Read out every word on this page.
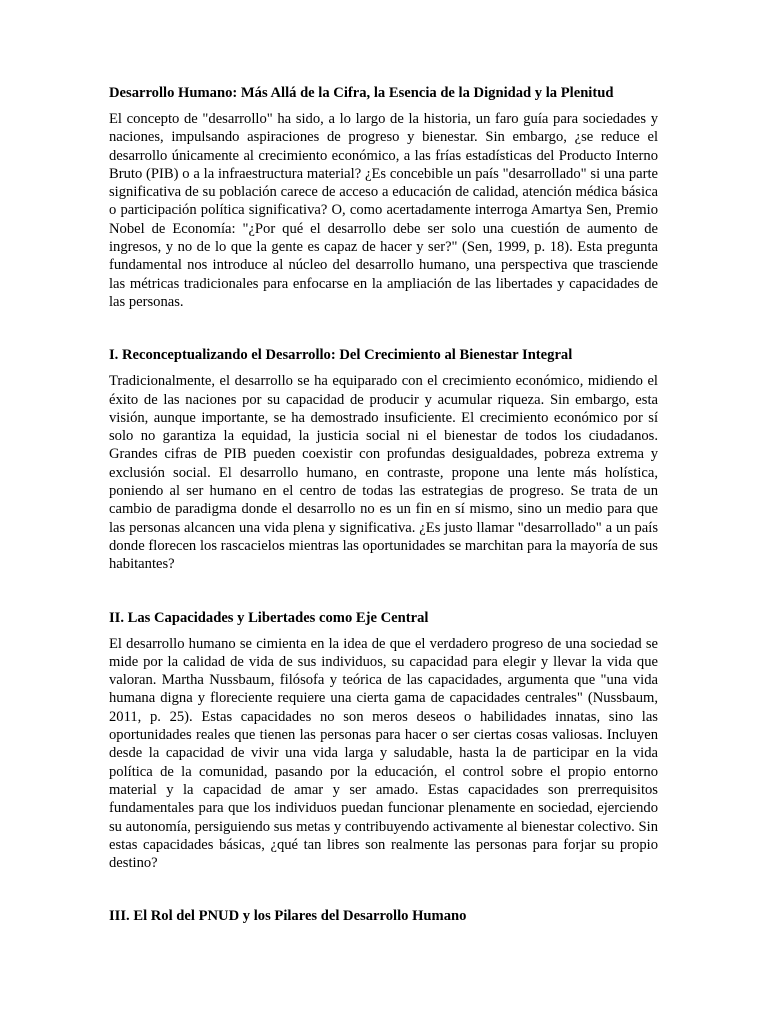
Desarrollo Humano: Más Allá de la Cifra, la Esencia de la Dignidad y la Plenitud

El concepto de "desarrollo" ha sido, a lo largo de la historia, un faro guía para sociedades y naciones, impulsando aspiraciones de progreso y bienestar. Sin embargo, ¿se reduce el desarrollo únicamente al crecimiento económico, a las frías estadísticas del Producto Interno Bruto (PIB) o a la infraestructura material? ¿Es concebible un país "desarrollado" si una parte significativa de su población carece de acceso a educación de calidad, atención médica básica o participación política significativa? O, como acertadamente interroga Amartya Sen, Premio Nobel de Economía: "¿Por qué el desarrollo debe ser solo una cuestión de aumento de ingresos, y no de lo que la gente es capaz de hacer y ser?" (Sen, 1999, p. 18). Esta pregunta fundamental nos introduce al núcleo del desarrollo humano, una perspectiva que trasciende las métricas tradicionales para enfocarse en la ampliación de las libertades y capacidades de las personas.

I. Reconceptualizando el Desarrollo: Del Crecimiento al Bienestar Integral

Tradicionalmente, el desarrollo se ha equiparado con el crecimiento económico, midiendo el éxito de las naciones por su capacidad de producir y acumular riqueza. Sin embargo, esta visión, aunque importante, se ha demostrado insuficiente. El crecimiento económico por sí solo no garantiza la equidad, la justicia social ni el bienestar de todos los ciudadanos. Grandes cifras de PIB pueden coexistir con profundas desigualdades, pobreza extrema y exclusión social. El desarrollo humano, en contraste, propone una lente más holística, poniendo al ser humano en el centro de todas las estrategias de progreso. Se trata de un cambio de paradigma donde el desarrollo no es un fin en sí mismo, sino un medio para que las personas alcancen una vida plena y significativa. ¿Es justo llamar "desarrollado" a un país donde florecen los rascacielos mientras las oportunidades se marchitan para la mayoría de sus habitantes?

II. Las Capacidades y Libertades como Eje Central

El desarrollo humano se cimienta en la idea de que el verdadero progreso de una sociedad se mide por la calidad de vida de sus individuos, su capacidad para elegir y llevar la vida que valoran. Martha Nussbaum, filósofa y teórica de las capacidades, argumenta que "una vida humana digna y floreciente requiere una cierta gama de capacidades centrales" (Nussbaum, 2011, p. 25). Estas capacidades no son meros deseos o habilidades innatas, sino las oportunidades reales que tienen las personas para hacer o ser ciertas cosas valiosas. Incluyen desde la capacidad de vivir una vida larga y saludable, hasta la de participar en la vida política de la comunidad, pasando por la educación, el control sobre el propio entorno material y la capacidad de amar y ser amado. Estas capacidades son prerrequisitos fundamentales para que los individuos puedan funcionar plenamente en sociedad, ejerciendo su autonomía, persiguiendo sus metas y contribuyendo activamente al bienestar colectivo. Sin estas capacidades básicas, ¿qué tan libres son realmente las personas para forjar su propio destino?

III. El Rol del PNUD y los Pilares del Desarrollo Humano
